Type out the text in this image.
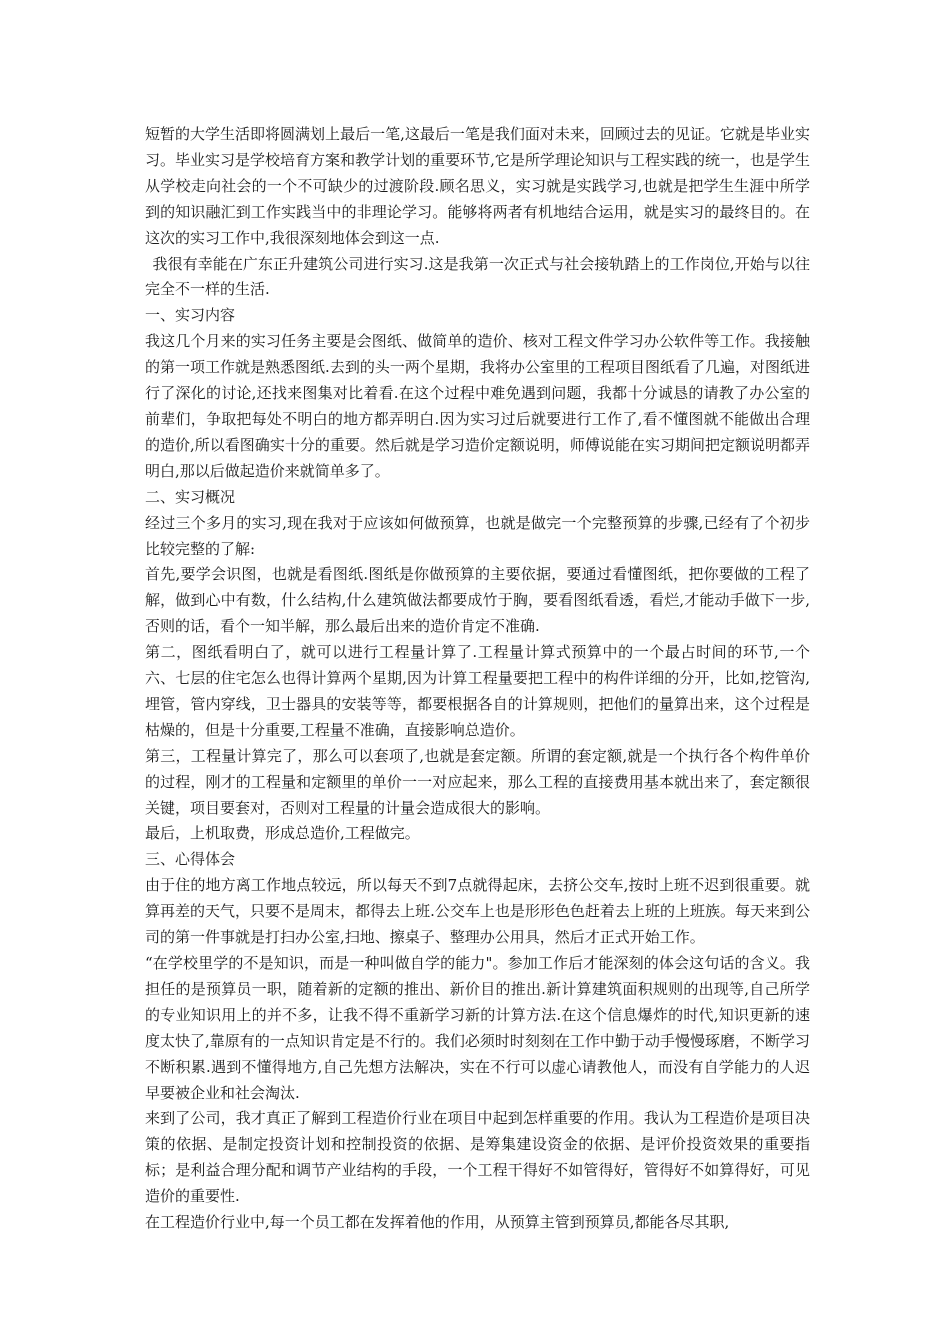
短暂的大学生活即将圆满划上最后一笔,这最后一笔是我们面对未来，回顾过去的见证。它就是毕业实习。毕业实习是学校培育方案和教学计划的重要环节,它是所学理论知识与工程实践的统一，也是学生从学校走向社会的一个不可缺少的过渡阶段.顾名思义，实习就是实践学习,也就是把学生生涯中所学到的知识融汇到工作实践当中的非理论学习。能够将两者有机地结合运用，就是实习的最终目的。在这次的实习工作中,我很深刻地体会到这一点.

我很有幸能在广东正升建筑公司进行实习.这是我第一次正式与社会接轨踏上的工作岗位,开始与以往完全不一样的生活.

一、实习内容

我这几个月来的实习任务主要是会图纸、做简单的造价、核对工程文件学习办公软件等工作。我接触的第一项工作就是熟悉图纸.去到的头一两个星期，我将办公室里的工程项目图纸看了几遍，对图纸进行了深化的讨论,还找来图集对比着看.在这个过程中难免遇到问题，我都十分诚恳的请教了办公室的前辈们，争取把每处不明白的地方都弄明白.因为实习过后就要进行工作了,看不懂图就不能做出合理的造价,所以看图确实十分的重要。然后就是学习造价定额说明，师傅说能在实习期间把定额说明都弄明白,那以后做起造价来就简单多了。

二、实习概况

经过三个多月的实习,现在我对于应该如何做预算，也就是做完一个完整预算的步骤,已经有了个初步比较完整的了解:

首先,要学会识图，也就是看图纸.图纸是你做预算的主要依据，要通过看懂图纸，把你要做的工程了解，做到心中有数，什么结构,什么建筑做法都要成竹于胸，要看图纸看透，看烂,才能动手做下一步,否则的话，看个一知半解，那么最后出来的造价肯定不准确.

第二，图纸看明白了，就可以进行工程量计算了.工程量计算式预算中的一个最占时间的环节,一个六、七层的住宅怎么也得计算两个星期,因为计算工程量要把工程中的构件详细的分开，比如,挖管沟,埋管，管内穿线，卫士器具的安装等等，都要根据各自的计算规则，把他们的量算出来，这个过程是枯燥的，但是十分重要,工程量不准确，直接影响总造价。

第三，工程量计算完了，那么可以套项了,也就是套定额。所谓的套定额,就是一个执行各个构件单价的过程，刚才的工程量和定额里的单价一一对应起来，那么工程的直接费用基本就出来了，套定额很关键，项目要套对，否则对工程量的计量会造成很大的影响。

最后，上机取费，形成总造价,工程做完。

三、心得体会

由于住的地方离工作地点较远，所以每天不到7点就得起床，去挤公交车,按时上班不迟到很重要。就算再差的天气，只要不是周末，都得去上班.公交车上也是形形色色赶着去上班的上班族。每天来到公司的第一件事就是打扫办公室,扫地、擦桌子、整理办公用具，然后才正式开始工作。

“在学校里学的不是知识，而是一种叫做自学的能力"。参加工作后才能深刻的体会这句话的含义。我担任的是预算员一职，随着新的定额的推出、新价目的推出.新计算建筑面积规则的出现等,自己所学的专业知识用上的并不多，让我不得不重新学习新的计算方法.在这个信息爆炸的时代,知识更新的速度太快了,靠原有的一点知识肯定是不行的。我们必须时时刻刻在工作中勤于动手慢慢琢磨，不断学习不断积累.遇到不懂得地方,自己先想方法解决，实在不行可以虚心请教他人，而没有自学能力的人迟早要被企业和社会淘汰.

来到了公司，我才真正了解到工程造价行业在项目中起到怎样重要的作用。我认为工程造价是项目决策的依据、是制定投资计划和控制投资的依据、是筹集建设资金的依据、是评价投资效果的重要指标；是利益合理分配和调节产业结构的手段，一个工程干得好不如管得好，管得好不如算得好，可见造价的重要性.

在工程造价行业中,每一个员工都在发挥着他的作用，从预算主管到预算员,都能各尽其职,
